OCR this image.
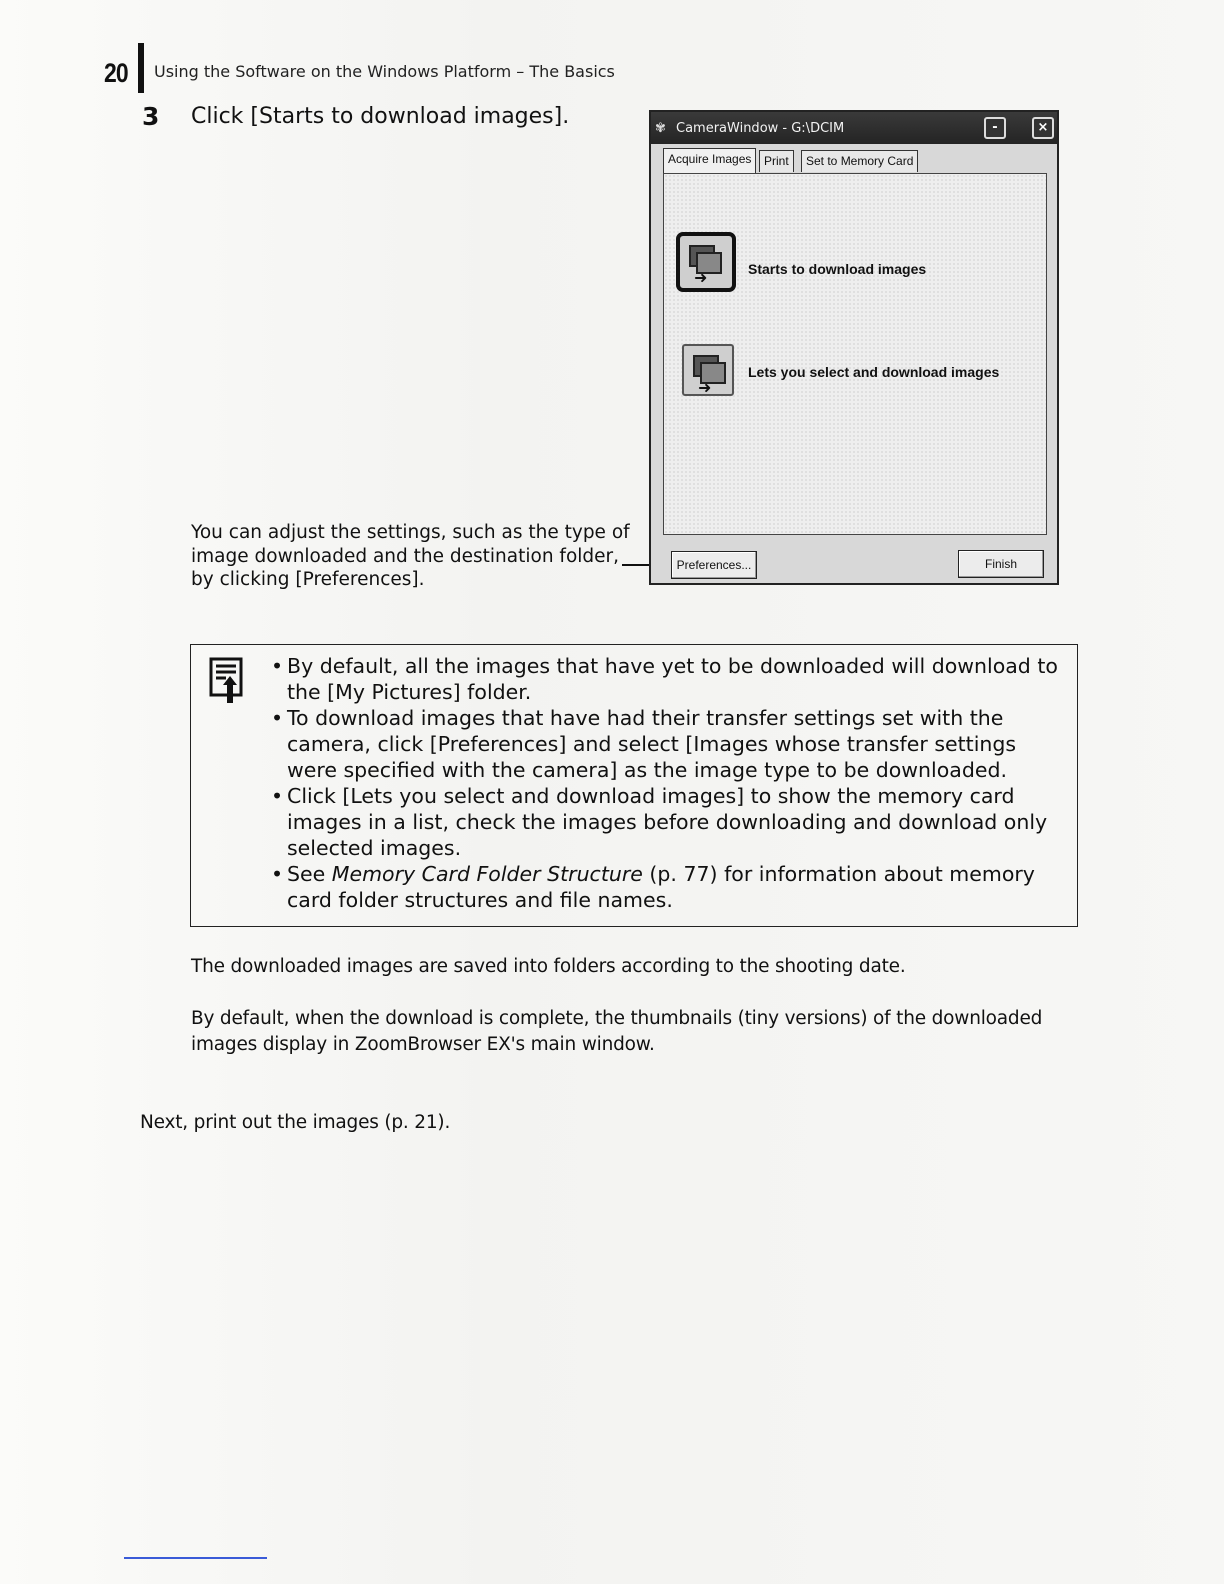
20 Using the Software on the Windows Platform – The Basics
3 Click [Starts to download images].
You can adjust the settings, such as the type of image downloaded and the destination folder, by clicking [Preferences].
✾ CameraWindow - G:\DCIM	-	×
Acquire Images	Print	Set to Memory Card
➜	Starts to download images
➜
Lets you select and download images
Preferences...	Finish
• By default, all the images that have yet to be downloaded will download to the [My Pictures] folder.
• To download images that have had their transfer settings set with the camera, click [Preferences] and select [Images whose transfer settings were specified with the camera] as the image type to be downloaded.
• Click [Lets you select and download images] to show the memory card images in a list, check the images before downloading and download only selected images.
• See Memory Card Folder Structure (p. 77) for information about memory card folder structures and file names.

The downloaded images are saved into folders according to the shooting date.

By default, when the download is complete, the thumbnails (tiny versions) of the downloaded images display in ZoomBrowser EX's main window.

Next, print out the images (p. 21).
